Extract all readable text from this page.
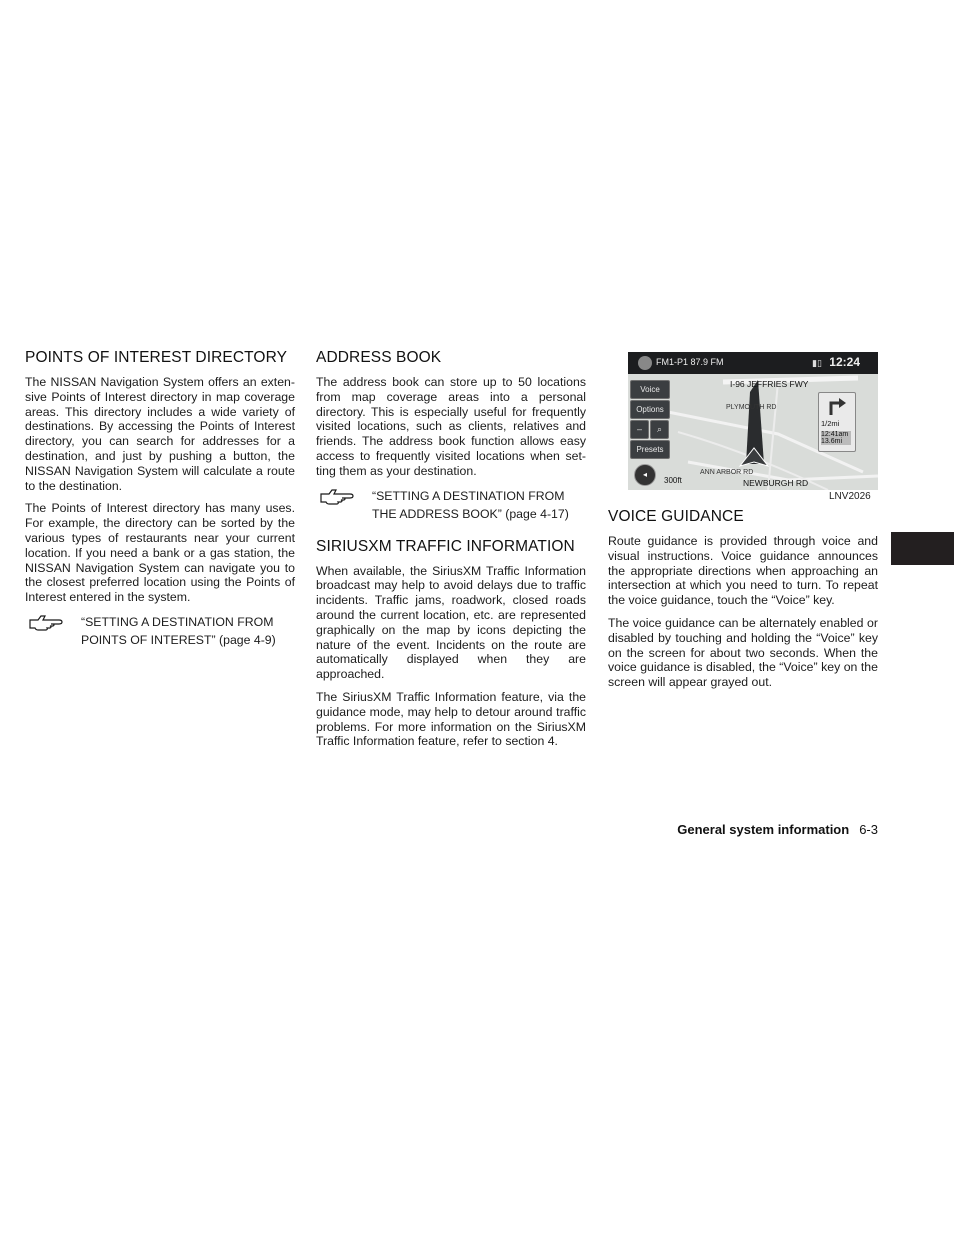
POINTS OF INTEREST DIRECTORY

The NISSAN Navigation System offers an exten-sive Points of Interest directory in map coverage areas. This directory includes a wide variety of destinations. By accessing the Points of Interest directory, you can search for addresses for a destination, and just by pushing a button, the NISSAN Navigation System will calculate a route to the destination.

The Points of Interest directory has many uses. For example, the directory can be sorted by the various types of restaurants near your current location. If you need a bank or a gas station, the NISSAN Navigation System can navigate you to the closest preferred location using the Points of Interest entered in the system.

“SETTING A DESTINATION FROM POINTS OF INTEREST” (page 4-9)
ADDRESS BOOK

The address book can store up to 50 locations from map coverage areas into a personal directory. This is especially useful for frequently visited locations, such as clients, relatives and friends. The address book function allows easy access to frequently visited locations when set-ting them as your destination.

“SETTING A DESTINATION FROM THE ADDRESS BOOK” (page 4-17)
SIRIUSXM TRAFFIC INFORMATION

When available, the SiriusXM Traffic Information broadcast may help to avoid delays due to traffic incidents. Traffic jams, roadwork, closed roads around the current location, etc. are represented graphically on the map by icons depicting the nature of the event. Incidents on the route are automatically displayed when they are approached.

The SiriusXM Traffic Information feature, via the guidance mode, may help to detour around traffic problems. For more information on the SiriusXM Traffic Information feature, refer to section 4.

FM1-P1 87.9 FM	▮▯ 12:24
Voice
Options
–	⌕
Presets
◂
I-96 JEFFRIES FWY
PLYMOUTH RD
ANN ARBOR RD
NEWBURGH RD
1/2mi
12:41am 13.6mi
300ft
LNV2026
VOICE GUIDANCE

Route guidance is provided through voice and visual instructions. Voice guidance announces the appropriate directions when approaching an intersection at which you need to turn. To repeat the voice guidance, touch the “Voice” key.

The voice guidance can be alternately enabled or disabled by touching and holding the “Voice” key on the screen for about two seconds. When the voice guidance is disabled, the “Voice” key on the screen will appear grayed out.

General system information 6-3
